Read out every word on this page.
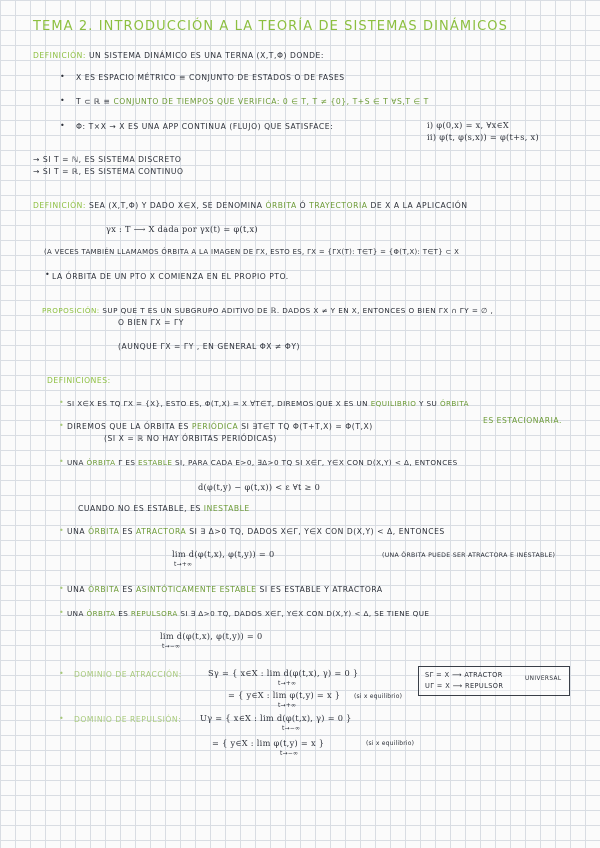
TEMA 2. INTRODUCCIÓN A LA TEORÍA DE SISTEMAS DINÁMICOS
DEFINICIÓN: UN SISTEMA DINÁMICO ES UNA TERNA (X,T,Φ) DONDE:
• X ES ESPACIO MÉTRICO ≡ CONJUNTO DE ESTADOS O DE FASES
• T ⊂ ℝ ≡ CONJUNTO DE TIEMPOS QUE VERIFICA: 0 ∈ T, T ≠ {0}, T+S ∈ T ∀S,T ∈ T
• Φ: T×X → X ES UNA APP CONTINUA (FLUJO) QUE SATISFACE:	i) φ(0,x) = x, ∀x∈X
ii) φ(t, φ(s,x)) = φ(t+s, x)
→ SI T = ℕ, ES SISTEMA DISCRETO
→ SI T = ℝ, ES SISTEMA CONTINUO
DEFINICIÓN: SEA (X,T,Φ) Y DADO X∈X, SE DENOMINA ÓRBITA Ó TRAYECTORIA DE X A LA APLICACIÓN
γx : T ⟶ X dada por γx(t) = φ(t,x)
(A VECES TAMBIÉN LLAMAMOS ÓRBITA A LA IMAGEN DE ΓX, ESTO ES, ΓX = {ΓX(T): T∈T} = {Φ(T,X): T∈T} ⊂ X
• LA ÓRBITA DE UN PTO X COMIENZA EN EL PROPIO PTO.
PROPOSICIÓN: SUP QUE T ES UN SUBGRUPO ADITIVO DE ℝ. DADOS X ≠ Y EN X, ENTONCES O BIEN ΓX ∩ ΓY = ∅ ,
O BIEN ΓX = ΓY
(AUNQUE ΓX = ΓY , EN GENERAL ΦX ≠ ΦY)
DEFINICIONES:
• SI X∈X ES TQ ΓX = {X}, ESTO ES, Φ(T,X) = X ∀T∈T, DIREMOS QUE X ES UN EQUILIBRIO Y SU ÓRBITA
ES ESTACIONARIA.
• DIREMOS QUE LA ÓRBITA ES PERIÓDICA SI ∃Τ∈T TQ Φ(T+Τ,X) = Φ(T,X)
(SI X = ℝ NO HAY ÓRBITAS PERIÓDICAS)
• UNA ÓRBITA Γ ES ESTABLE SI, PARA CADA Ε>0, ∃Δ>0 TQ SI X∈Γ, Y∈X CON D(X,Y) < Δ, ENTONCES
d(φ(t,y) − φ(t,x)) < ε ∀t ≥ 0
CUANDO NO ES ESTABLE, ES INESTABLE
• UNA ÓRBITA ES ATRACTORA SI ∃ Δ>0 TQ, DADOS X∈Γ, Y∈X CON D(X,Y) < Δ, ENTONCES
lim d(φ(t,x), φ(t,y)) = 0
t→+∞
(UNA ÓRBITA PUEDE SER ATRACTORA E INESTABLE)
• UNA ÓRBITA ES ASINTÓTICAMENTE ESTABLE SI ES ESTABLE Y ATRACTORA
• UNA ÓRBITA ES REPULSORA SI ∃ Δ>0 TQ, DADOS X∈Γ, Y∈X CON D(X,Y) < Δ, SE TIENE QUE
lim d(φ(t,x), φ(t,y)) = 0
t→−∞
• DOMINIO DE ATRACCIÓN:	Sγ = { x∈X : lim d(φ(t,x), γ) = 0 }
t→+∞
= { y∈X : lim φ(t,y) = x }
t→+∞
(si x equilibrio)
• DOMINIO DE REPULSIÓN: Uγ = { x∈X : lim d(φ(t,x), γ) = 0 }
t→−∞
= { y∈X : lim φ(t,y) = x }
t→−∞
(si x equilibrio)
SΓ = X ⟶ ATRACTOR
UΓ = X ⟶ REPULSOR
UNIVERSAL
